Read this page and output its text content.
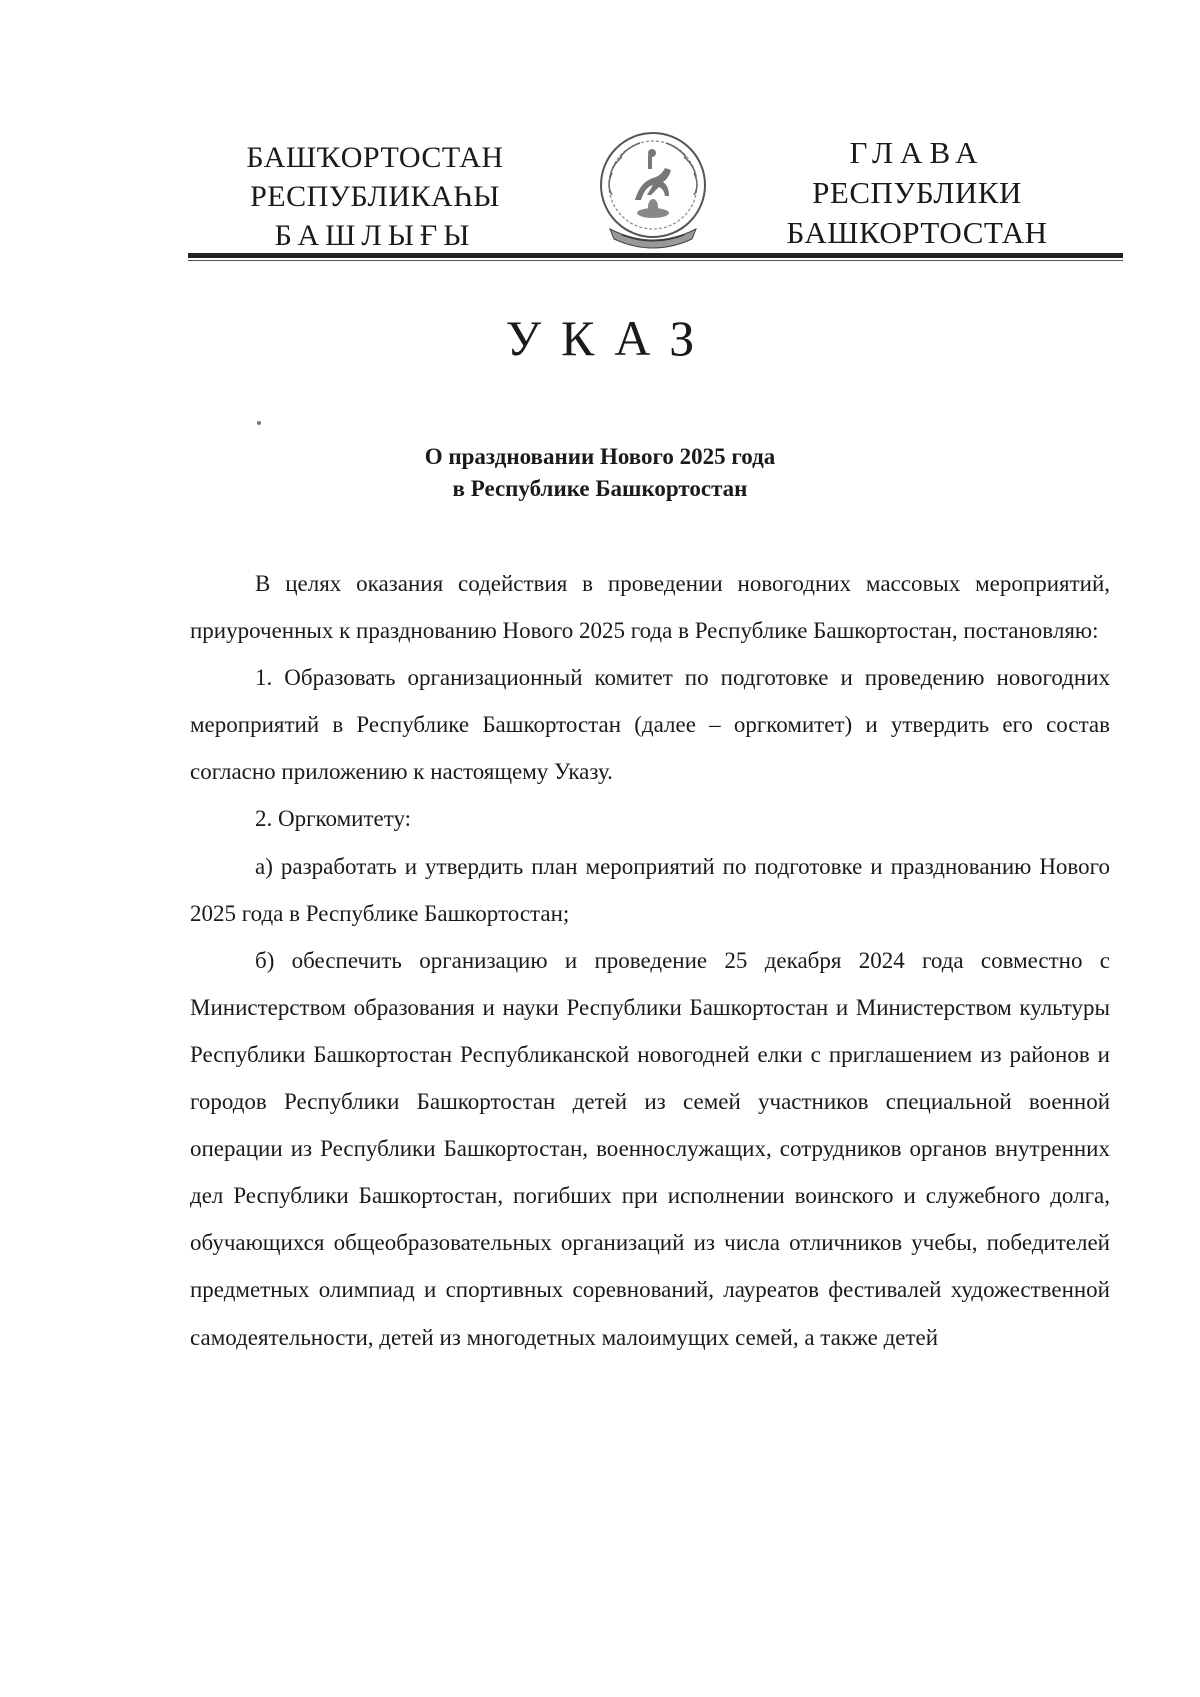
БАШҠОРТОСТАН
РЕСПУБЛИКАҺЫ
БАШЛЫҒЫ
ГЛАВА
РЕСПУБЛИКИ
БАШКОРТОСТАН
УКАЗ
О праздновании Нового 2025 года
в Республике Башкортостан

В целях оказания содействия в проведении новогодних массовых мероприятий, приуроченных к празднованию Нового 2025 года в Республике Башкортостан, постановляю:

1. Образовать организационный комитет по подготовке и проведению новогодних мероприятий в Республике Башкортостан (далее – оргкомитет) и утвердить его состав согласно приложению к настоящему Указу.

2. Оргкомитету:

а) разработать и утвердить план мероприятий по подготовке и празднованию Нового 2025 года в Республике Башкортостан;

б) обеспечить организацию и проведение 25 декабря 2024 года совместно с Министерством образования и науки Республики Башкортостан и Министерством культуры Республики Башкортостан Республиканской новогодней елки с приглашением из районов и городов Республики Башкортостан детей из семей участников специальной военной операции из Республики Башкортостан, военнослужащих, сотрудников органов внутренних дел Республики Башкортостан, погибших при исполнении воинского и служебного долга, обучающихся общеобразовательных организаций из числа отличников учебы, победителей предметных олимпиад и спортивных соревнований, лауреатов фестивалей художественной самодеятельности, детей из многодетных малоимущих семей, а также детей
